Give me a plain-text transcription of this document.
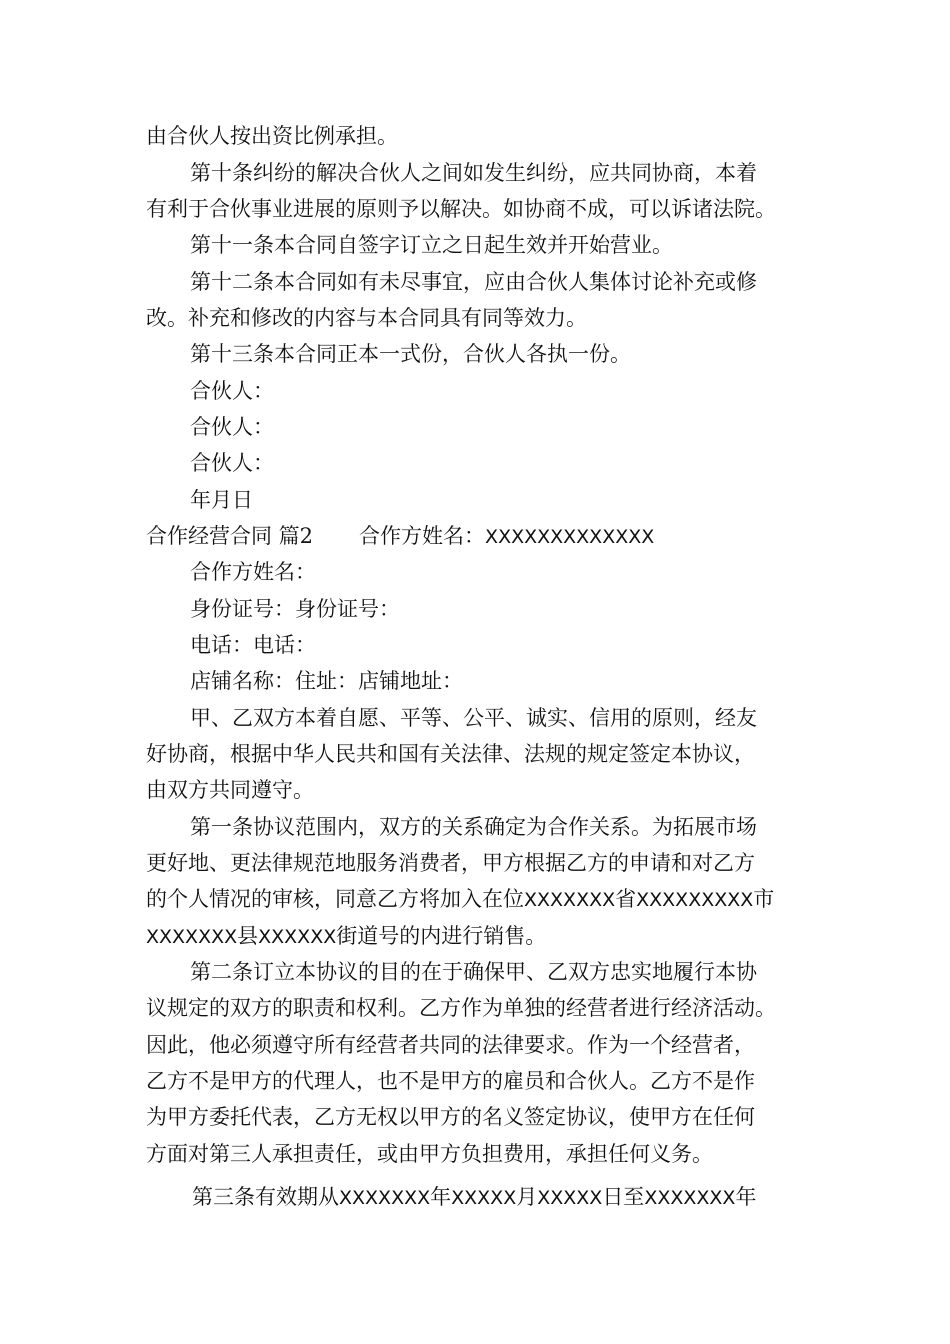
由合伙人按出资比例承担。
第十条纠纷的解决合伙人之间如发生纠纷，应共同协商，本着
有利于合伙事业进展的原则予以解决。如协商不成，可以诉诸法院。
第十一条本合同自签字订立之日起生效并开始营业。
第十二条本合同如有未尽事宜，应由合伙人集体讨论补充或修
改。补充和修改的内容与本合同具有同等效力。
第十三条本合同正本一式份，合伙人各执一份。
合伙人：
合伙人：
合伙人：
年月日
合作经营合同 篇2 合作方姓名：XXXXXXXXXXXXX
合作方姓名：
身份证号：身份证号：
电话：电话：
店铺名称：住址：店铺地址：
甲、乙双方本着自愿、平等、公平、诚实、信用的原则，经友
好协商，根据中华人民共和国有关法律、法规的规定签定本协议，
由双方共同遵守。
第一条协议范围内，双方的关系确定为合作关系。为拓展市场
更好地、更法律规范地服务消费者，甲方根据乙方的申请和对乙方
的个人情况的审核，同意乙方将加入在位XXXXXXX省XXXXXXXXX市
XXXXXXX县XXXXXX街道号的内进行销售。
第二条订立本协议的目的在于确保甲、乙双方忠实地履行本协
议规定的双方的职责和权利。乙方作为单独的经营者进行经济活动。
因此，他必须遵守所有经营者共同的法律要求。作为一个经营者，
乙方不是甲方的代理人，也不是甲方的雇员和合伙人。乙方不是作
为甲方委托代表，乙方无权以甲方的名义签定协议，使甲方在任何
方面对第三人承担责任，或由甲方负担费用，承担任何义务。
第三条有效期从XXXXXXX年XXXXX月XXXXX日至XXXXXXX年
